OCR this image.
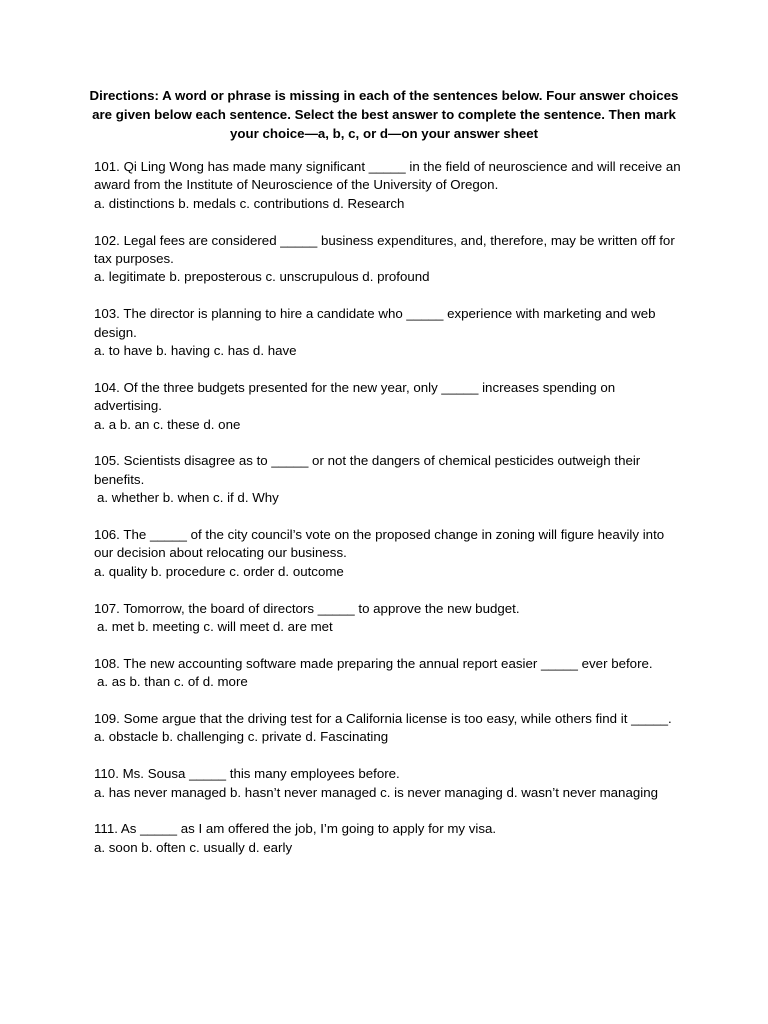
Directions: A word or phrase is missing in each of the sentences below. Four answer choices are given below each sentence. Select the best answer to complete the sentence. Then mark your choice—a, b, c, or d—on your answer sheet
101. Qi Ling Wong has made many significant _____ in the field of neuroscience and will receive an award from the Institute of Neuroscience of the University of Oregon.
a. distinctions b. medals c. contributions d. Research
102. Legal fees are considered _____ business expenditures, and, therefore, may be written off for tax purposes.
a. legitimate b. preposterous c. unscrupulous d. profound
103. The director is planning to hire a candidate who _____ experience with marketing and web design.
a. to have b. having c. has d. have
104. Of the three budgets presented for the new year, only _____ increases spending on advertising.
a. a b. an c. these d. one
105. Scientists disagree as to _____ or not the dangers of chemical pesticides outweigh their benefits.
a. whether b. when c. if d. Why
106. The _____ of the city council’s vote on the proposed change in zoning will figure heavily into our decision about relocating our business.
a. quality b. procedure c. order d. outcome
107. Tomorrow, the board of directors _____ to approve the new budget.
a. met b. meeting c. will meet d. are met
108. The new accounting software made preparing the annual report easier _____ ever before.
a. as b. than c. of d. more
109. Some argue that the driving test for a California license is too easy, while others find it _____.
a. obstacle b. challenging c. private d. Fascinating
110. Ms. Sousa _____ this many employees before.
a. has never managed b. hasn’t never managed c. is never managing d. wasn’t never managing
111. As _____ as I am offered the job, I’m going to apply for my visa.
a. soon b. often c. usually d. early
